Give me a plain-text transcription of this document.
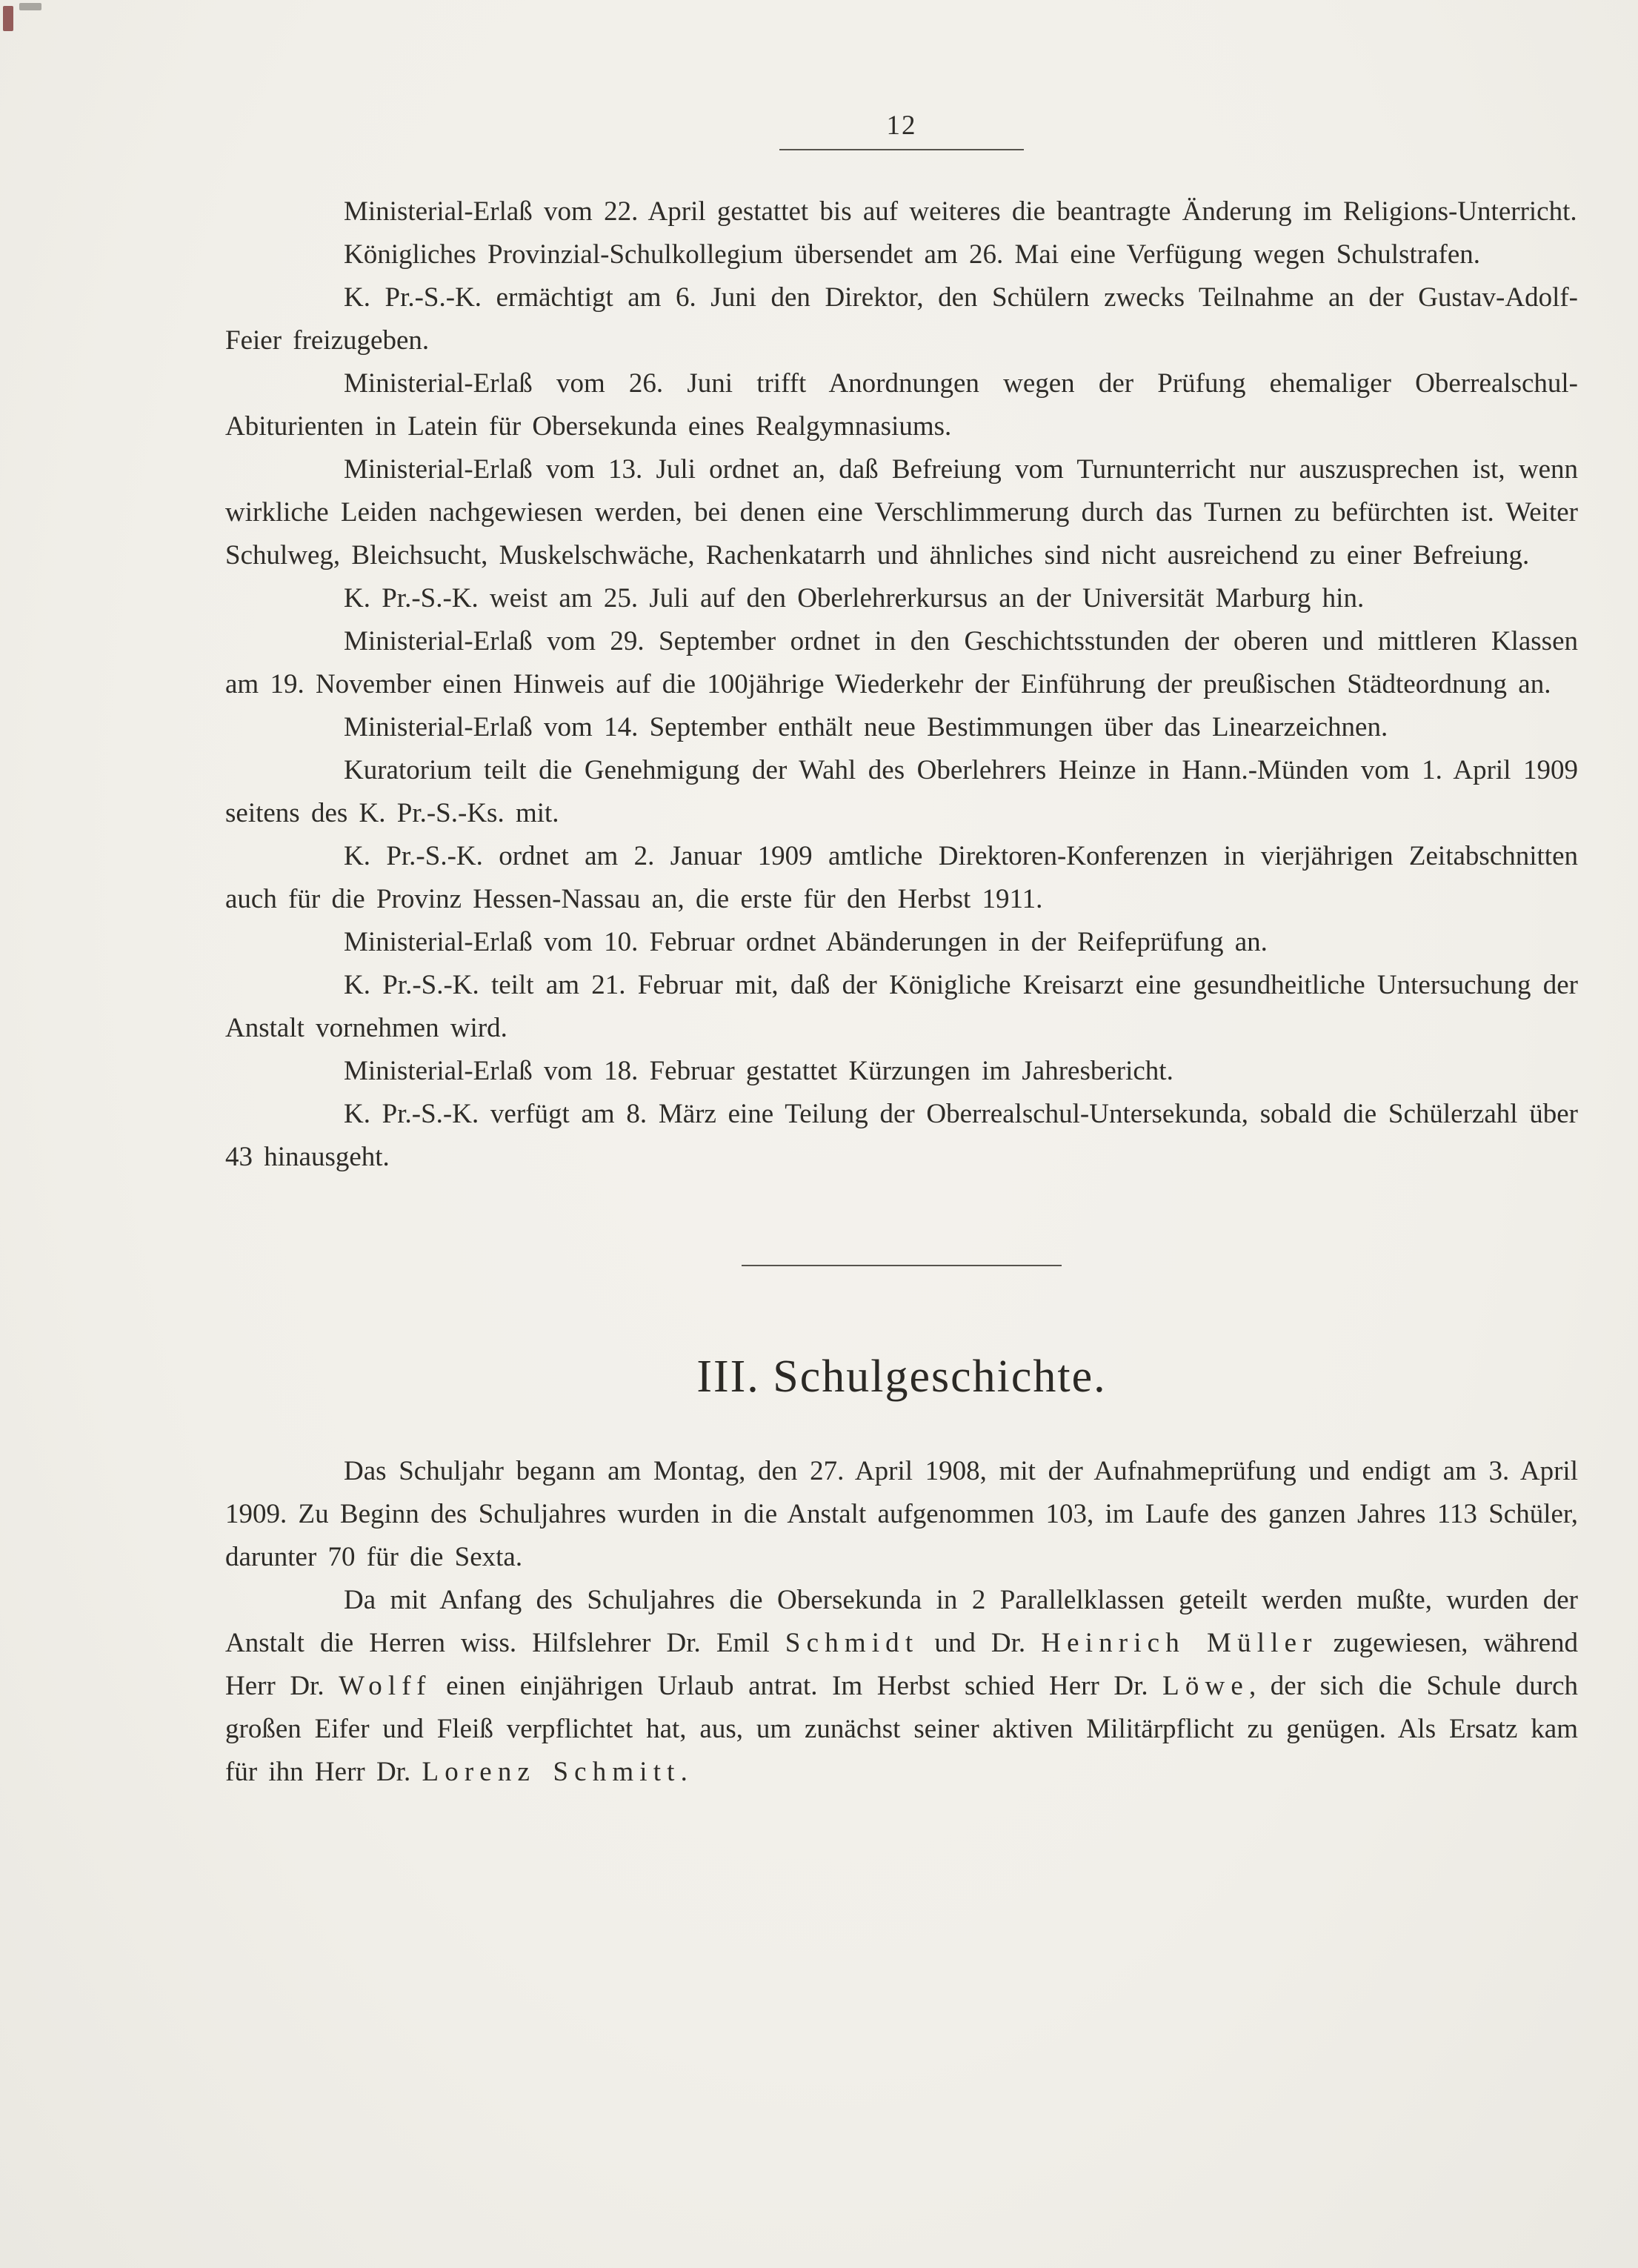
12

Ministerial-Erlaß vom 22. April gestattet bis auf weiteres die beantragte Änderung im Religions-Unterricht.

Königliches Provinzial-Schulkollegium übersendet am 26. Mai eine Verfügung wegen Schulstrafen.

K. Pr.-S.-K. ermächtigt am 6. Juni den Direktor, den Schülern zwecks Teilnahme an der Gustav-Adolf-Feier freizugeben.

Ministerial-Erlaß vom 26. Juni trifft Anordnungen wegen der Prüfung ehemaliger Oberrealschul-Abiturienten in Latein für Obersekunda eines Realgymnasiums.

Ministerial-Erlaß vom 13. Juli ordnet an, daß Befreiung vom Turnunterricht nur auszusprechen ist, wenn wirkliche Leiden nachgewiesen werden, bei denen eine Verschlimmerung durch das Turnen zu befürchten ist. Weiter Schulweg, Bleichsucht, Muskelschwäche, Rachenkatarrh und ähnliches sind nicht ausreichend zu einer Befreiung.

K. Pr.-S.-K. weist am 25. Juli auf den Oberlehrerkursus an der Universität Marburg hin.

Ministerial-Erlaß vom 29. September ordnet in den Geschichtsstunden der oberen und mittleren Klassen am 19. November einen Hinweis auf die 100jährige Wiederkehr der Einführung der preußischen Städteordnung an.

Ministerial-Erlaß vom 14. September enthält neue Bestimmungen über das Linearzeichnen.

Kuratorium teilt die Genehmigung der Wahl des Oberlehrers Heinze in Hann.-Münden vom 1. April 1909 seitens des K. Pr.-S.-Ks. mit.

K. Pr.-S.-K. ordnet am 2. Januar 1909 amtliche Direktoren-Konferenzen in vierjährigen Zeitabschnitten auch für die Provinz Hessen-Nassau an, die erste für den Herbst 1911.

Ministerial-Erlaß vom 10. Februar ordnet Abänderungen in der Reifeprüfung an.

K. Pr.-S.-K. teilt am 21. Februar mit, daß der Königliche Kreisarzt eine gesundheitliche Untersuchung der Anstalt vornehmen wird.

Ministerial-Erlaß vom 18. Februar gestattet Kürzungen im Jahresbericht.

K. Pr.-S.-K. verfügt am 8. März eine Teilung der Oberrealschul-Untersekunda, sobald die Schülerzahl über 43 hinausgeht.

III. Schulgeschichte.

Das Schuljahr begann am Montag, den 27. April 1908, mit der Aufnahmeprüfung und endigt am 3. April 1909. Zu Beginn des Schuljahres wurden in die Anstalt aufgenommen 103, im Laufe des ganzen Jahres 113 Schüler, darunter 70 für die Sexta.

Da mit Anfang des Schuljahres die Obersekunda in 2 Parallelklassen geteilt werden mußte, wurden der Anstalt die Herren wiss. Hilfslehrer Dr. Emil Schmidt und Dr. Heinrich Müller zugewiesen, während Herr Dr. Wolff einen einjährigen Urlaub antrat. Im Herbst schied Herr Dr. Löwe, der sich die Schule durch großen Eifer und Fleiß verpflichtet hat, aus, um zunächst seiner aktiven Militärpflicht zu genügen. Als Ersatz kam für ihn Herr Dr. Lorenz Schmitt.
